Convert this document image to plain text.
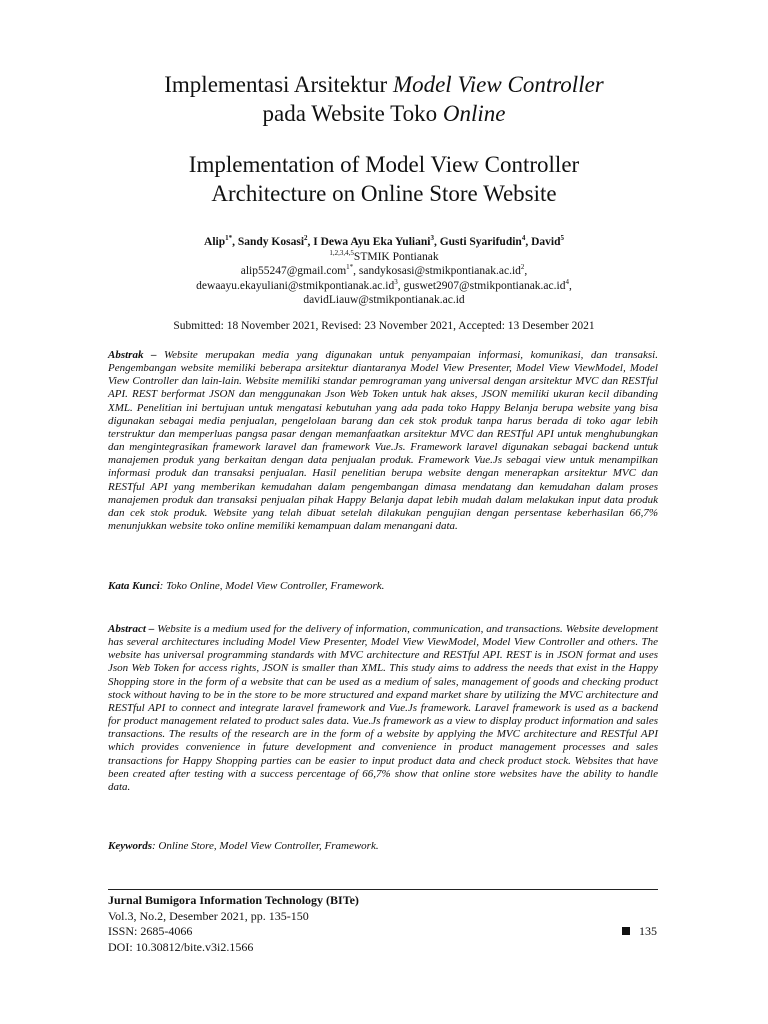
Implementasi Arsitektur Model View Controller

pada Website Toko Online

Implementation of Model View Controller

Architecture on Online Store Website

Alip$^{1*}$, Sandy Kosasi$^2$, I Dewa Ayu Eka Yuliani$^3$, Gusti Syarifudin$^4$, David$^5$
$^{1,2,3,4,5}$STMIK Pontianak
alip55247@gmail.com$^{1*}$, $sandykosasi@stmikpontianak.ac.id^2$,
$dewaayu.ekayuliani@stmikpontianak.ac.id^3$, $guswet2907@stmikpontianak.ac.id^4$,
davidLiauw@stmikpontianak.ac.id
Submitted: 18 November 2021, Revised: 23 November 2021, Accepted: 13 Desember 2021

Abstrak – Website merupakan media yang digunakan untuk penyampaian informasi, komunikasi, dan transaksi. Pengembangan website memiliki beberapa arsitektur diantaranya Model View Presenter, Model View ViewModel, Model View Controller dan lain-lain. Website memiliki standar pemrograman yang universal dengan arsitektur MVC dan RESTful API. REST berformat JSON dan menggunakan Json Web Token untuk hak akses, JSON memiliki ukuran kecil dibanding XML. Penelitian ini bertujuan untuk mengatasi kebutuhan yang ada pada toko Happy Belanja berupa website yang bisa digunakan sebagai media penjualan, pengelolaan barang dan cek stok produk tanpa harus berada di toko agar lebih terstruktur dan memperluas pangsa pasar dengan memanfaatkan arsitektur MVC dan RESTful API untuk menghubungkan dan mengintegrasikan framework laravel dan framework Vue.Js. Framework laravel digunakan sebagai backend untuk manajemen produk yang berkaitan dengan data penjualan produk. Framework Vue.Js sebagai view untuk menampilkan informasi produk dan transaksi penjualan. Hasil penelitian berupa website dengan menerapkan arsitektur MVC dan RESTful API yang memberikan kemudahan dalam pengembangan dimasa mendatang dan kemudahan dalam proses manajemen produk dan transaksi penjualan pihak Happy Belanja dapat lebih mudah dalam melakukan input data produk dan cek stok produk. Website yang telah dibuat setelah dilakukan pengujian dengan persentase keberhasilan 66,7% menunjukkan website toko online memiliki kemampuan dalam menangani data.

Kata Kunci: Toko Online, Model View Controller, Framework.

Abstract – Website is a medium used for the delivery of information, communication, and transactions. Website development has several architectures including Model View Presenter, Model View ViewModel, Model View Controller and others. The website has universal programming standards with MVC architecture and RESTful API. REST is in JSON format and uses Json Web Token for access rights, JSON is smaller than XML. This study aims to address the needs that exist in the Happy Shopping store in the form of a website that can be used as a medium of sales, management of goods and checking product stock without having to be in the store to be more structured and expand market share by utilizing the MVC architecture and RESTful API to connect and integrate laravel framework and Vue.Js framework. Laravel framework is used as a backend for product management related to product sales data. Vue.Js framework as a view to display product information and sales transactions. The results of the research are in the form of a website by applying the MVC architecture and RESTful API which provides convenience in future development and convenience in product management processes and sales transactions for Happy Shopping parties can be easier to input product data and check product stock. Websites that have been created after testing with a success percentage of 66,7% show that online store websites have the ability to handle data.

Keywords: Online Store, Model View Controller, Framework.

Jurnal Bumigora Information Technology (BITe)
Vol.3, No.2, Desember 2021, pp. 135-150
ISSN: 2685-4066
DOI: 10.30812/bite.v3i2.1566
135
